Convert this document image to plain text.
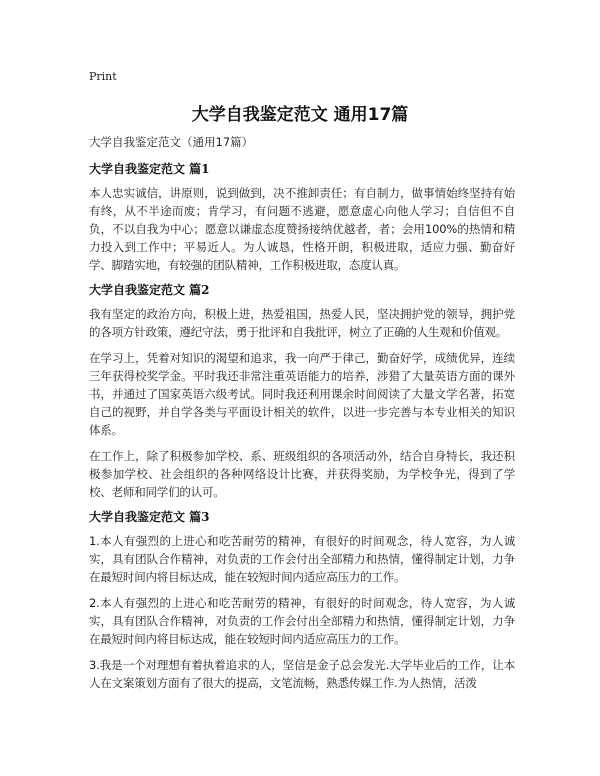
Print
大学自我鉴定范文 通用17篇
大学自我鉴定范文（通用17篇）
大学自我鉴定范文 篇1

本人忠实诚信，讲原则，说到做到，决不推卸责任；有自制力，做事情始终坚持有始有终，从不半途而废；肯学习，有问题不逃避，愿意虚心向他人学习；自信但不自负，不以自我为中心；愿意以谦虚态度赞扬接纳优越者，者；会用100%的热情和精力投入到工作中；平易近人。为人诚恳，性格开朗，积极进取，适应力强、勤奋好学、脚踏实地，有较强的团队精神，工作积极进取，态度认真。

大学自我鉴定范文 篇2

我有坚定的政治方向，积极上进，热爱祖国，热爱人民，坚决拥护党的领导，拥护党的各项方针政策，遵纪守法，勇于批评和自我批评，树立了正确的人生观和价值观。

在学习上，凭着对知识的渴望和追求，我一向严于律己，勤奋好学，成绩优异，连续三年获得校奖学金。平时我还非常注重英语能力的培养，涉猎了大量英语方面的课外书，并通过了国家英语六级考试。同时我还利用课余时间阅读了大量文学名著，拓宽自己的视野，并自学各类与平面设计相关的软件，以进一步完善与本专业相关的知识体系。

在工作上，除了积极参加学校、系、班级组织的各项活动外，结合自身特长，我还积极参加学校、社会组织的各种网络设计比赛，并获得奖励，为学校争光，得到了学校、老师和同学们的认可。

大学自我鉴定范文 篇3

1.本人有强烈的上进心和吃苦耐劳的精神，有很好的时间观念，待人宽容，为人诚实，具有团队合作精神，对负责的工作会付出全部精力和热情，懂得制定计划，力争在最短时间内将目标达成，能在较短时间内适应高压力的工作。

2.本人有强烈的上进心和吃苦耐劳的精神，有很好的时间观念，待人宽容，为人诚实，具有团队合作精神，对负责的工作会付出全部精力和热情，懂得制定计划，力争在最短时间内将目标达成，能在较短时间内适应高压力的工作。

3.我是一个对理想有着执着追求的人，坚信是金子总会发光.大学毕业后的工作，让本人在文案策划方面有了很大的提高，文笔流畅，熟悉传媒工作.为人热情，活泼
